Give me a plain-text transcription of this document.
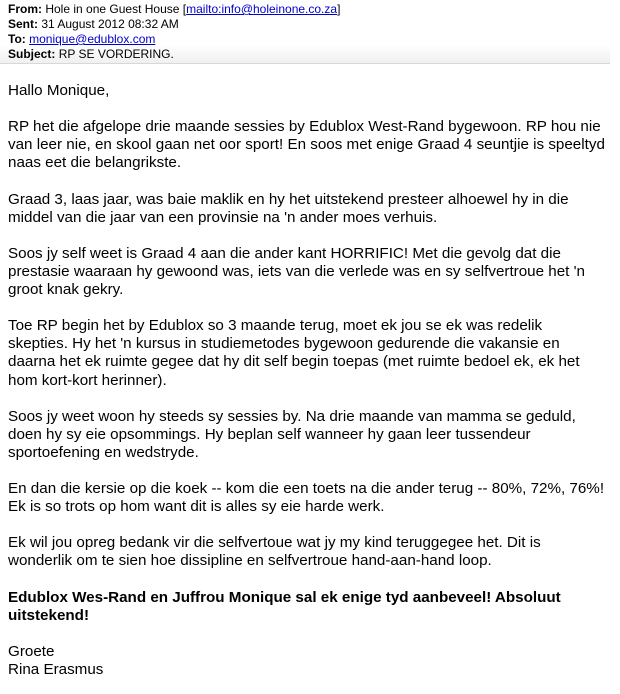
From: Hole in one Guest House [mailto:info@holeinone.co.za]
Sent: 31 August 2012 08:32 AM
To: monique@edublox.com
Subject: RP SE VORDERING.

Hallo Monique,

RP het die afgelope drie maande sessies by Edublox West-Rand bygewoon. RP hou nie van leer nie, en skool gaan net oor sport! En soos met enige Graad 4 seuntjie is speeltyd naas eet die belangrikste.

Graad 3, laas jaar, was baie maklik en hy het uitstekend presteer alhoewel hy in die middel van die jaar van een provinsie na 'n ander moes verhuis.

Soos jy self weet is Graad 4 aan die ander kant HORRIFIC! Met die gevolg dat die prestasie waaraan hy gewoond was, iets van die verlede was en sy selfvertroue het 'n groot knak gekry.

Toe RP begin het by Edublox so 3 maande terug, moet ek jou se ek was redelik skepties. Hy het 'n kursus in studiemetodes bygewoon gedurende die vakansie en daarna het ek ruimte gegee dat hy dit self begin toepas (met ruimte bedoel ek, ek het hom kort-kort herinner).

Soos jy weet woon hy steeds sy sessies by. Na drie maande van mamma se geduld, doen hy sy eie opsommings. Hy beplan self wanneer hy gaan leer tussendeur sportoefening en wedstryde.

En dan die kersie op die koek -- kom die een toets na die ander terug -- 80%, 72%, 76%! Ek is so trots op hom want dit is alles sy eie harde werk.

Ek wil jou opreg bedank vir die selfvertoue wat jy my kind teruggegee het. Dit is wonderlik om te sien hoe dissipline en selfvertroue hand-aan-hand loop.

Edublox Wes-Rand en Juffrou Monique sal ek enige tyd aanbeveel! Absoluut uitstekend!

Groete

Rina Erasmus
